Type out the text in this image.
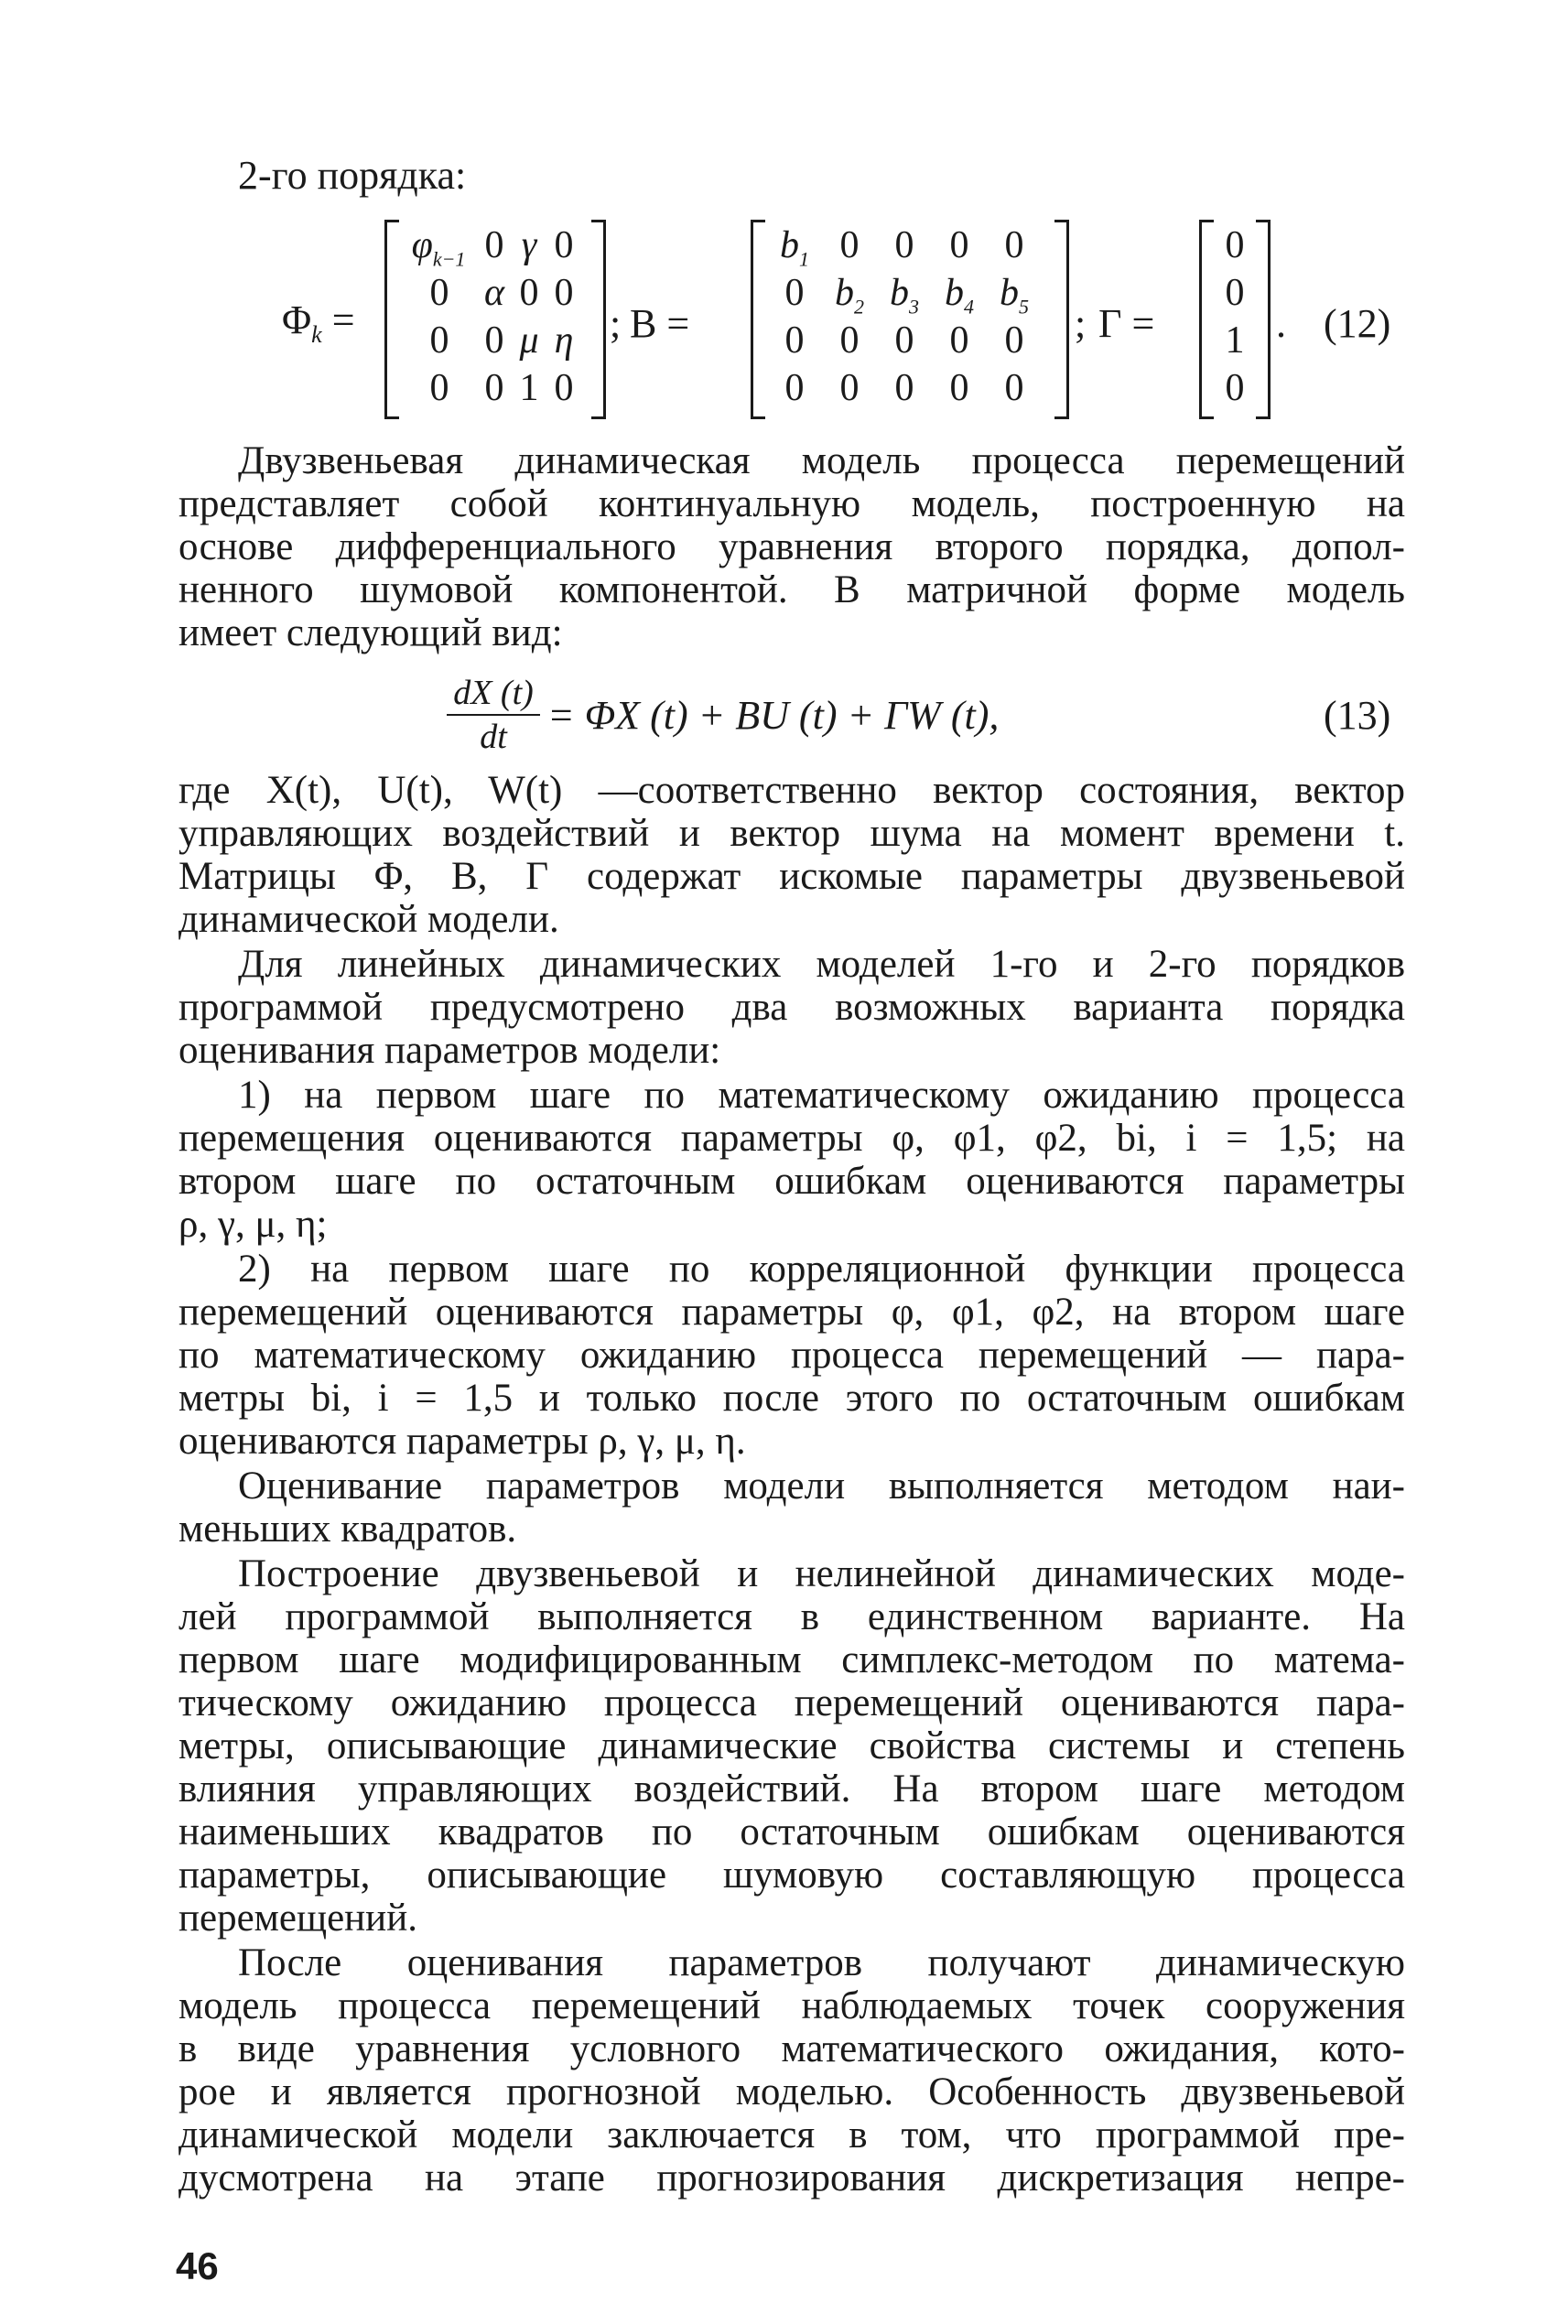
2-го порядка:
$\Phi_k$ =
$\varphi_{k-1}$ 0 γ 0
0 α 0 0
0 0 μ η
0 0 1 0
; B =
$b_1$ 0 0 0 0
0 $b_2$ $b_3$ $b_4$ $b_5$
0 0 0 0 0
0 0 0 0 0
; Γ =
0
0
1
0
. (12)
Двузвеньевая динамическая модель процесса перемещений
представляет собой континуальную модель, построенную на
основе дифференциального уравнения второго порядка, допол-
ненного шумовой компонентой. В матричной форме модель
имеет следующий вид:
$\frac{dX (t)}{dt} = \Phi X$ (t) + BU (t) + ΓW (t),	(13)
где X(t), U(t), W(t) —соответственно вектор состояния, вектор
управляющих воздействий и вектор шума на момент времени t.
Матрицы Φ, B, Γ содержат искомые параметры двузвеньевой
динамической модели.
Для линейных динамических моделей 1-го и 2-го порядков
программой предусмотрено два возможных варианта порядка
оценивания параметров модели:
1) на первом шаге по математическому ожиданию процесса
перемещения оцениваются параметры φ, φ1, φ2, bi, i = 1,5; на
втором шаге по остаточным ошибкам оцениваются параметры
ρ, γ, μ, η;
2) на первом шаге по корреляционной функции процесса
перемещений оцениваются параметры φ, φ1, φ2, на втором шаге
по математическому ожиданию процесса перемещений — пара-
метры bi, i = 1,5 и только после этого по остаточным ошибкам
оцениваются параметры ρ, γ, μ, η.
Оценивание параметров модели выполняется методом наи-
меньших квадратов.
Построение двузвеньевой и нелинейной динамических моде-
лей программой выполняется в единственном варианте. На
первом шаге модифицированным симплекс-методом по матема-
тическому ожиданию процесса перемещений оцениваются пара-
метры, описывающие динамические свойства системы и степень
влияния управляющих воздействий. На втором шаге методом
наименьших квадратов по остаточным ошибкам оцениваются
параметры, описывающие шумовую составляющую процесса
перемещений.
После оценивания параметров получают динамическую
модель процесса перемещений наблюдаемых точек сооружения
в виде уравнения условного математического ожидания, кото-
рое и является прогнозной моделью. Особенность двузвеньевой
динамической модели заключается в том, что программой пре-
дусмотрена на этапе прогнозирования дискретизация непре-
46
